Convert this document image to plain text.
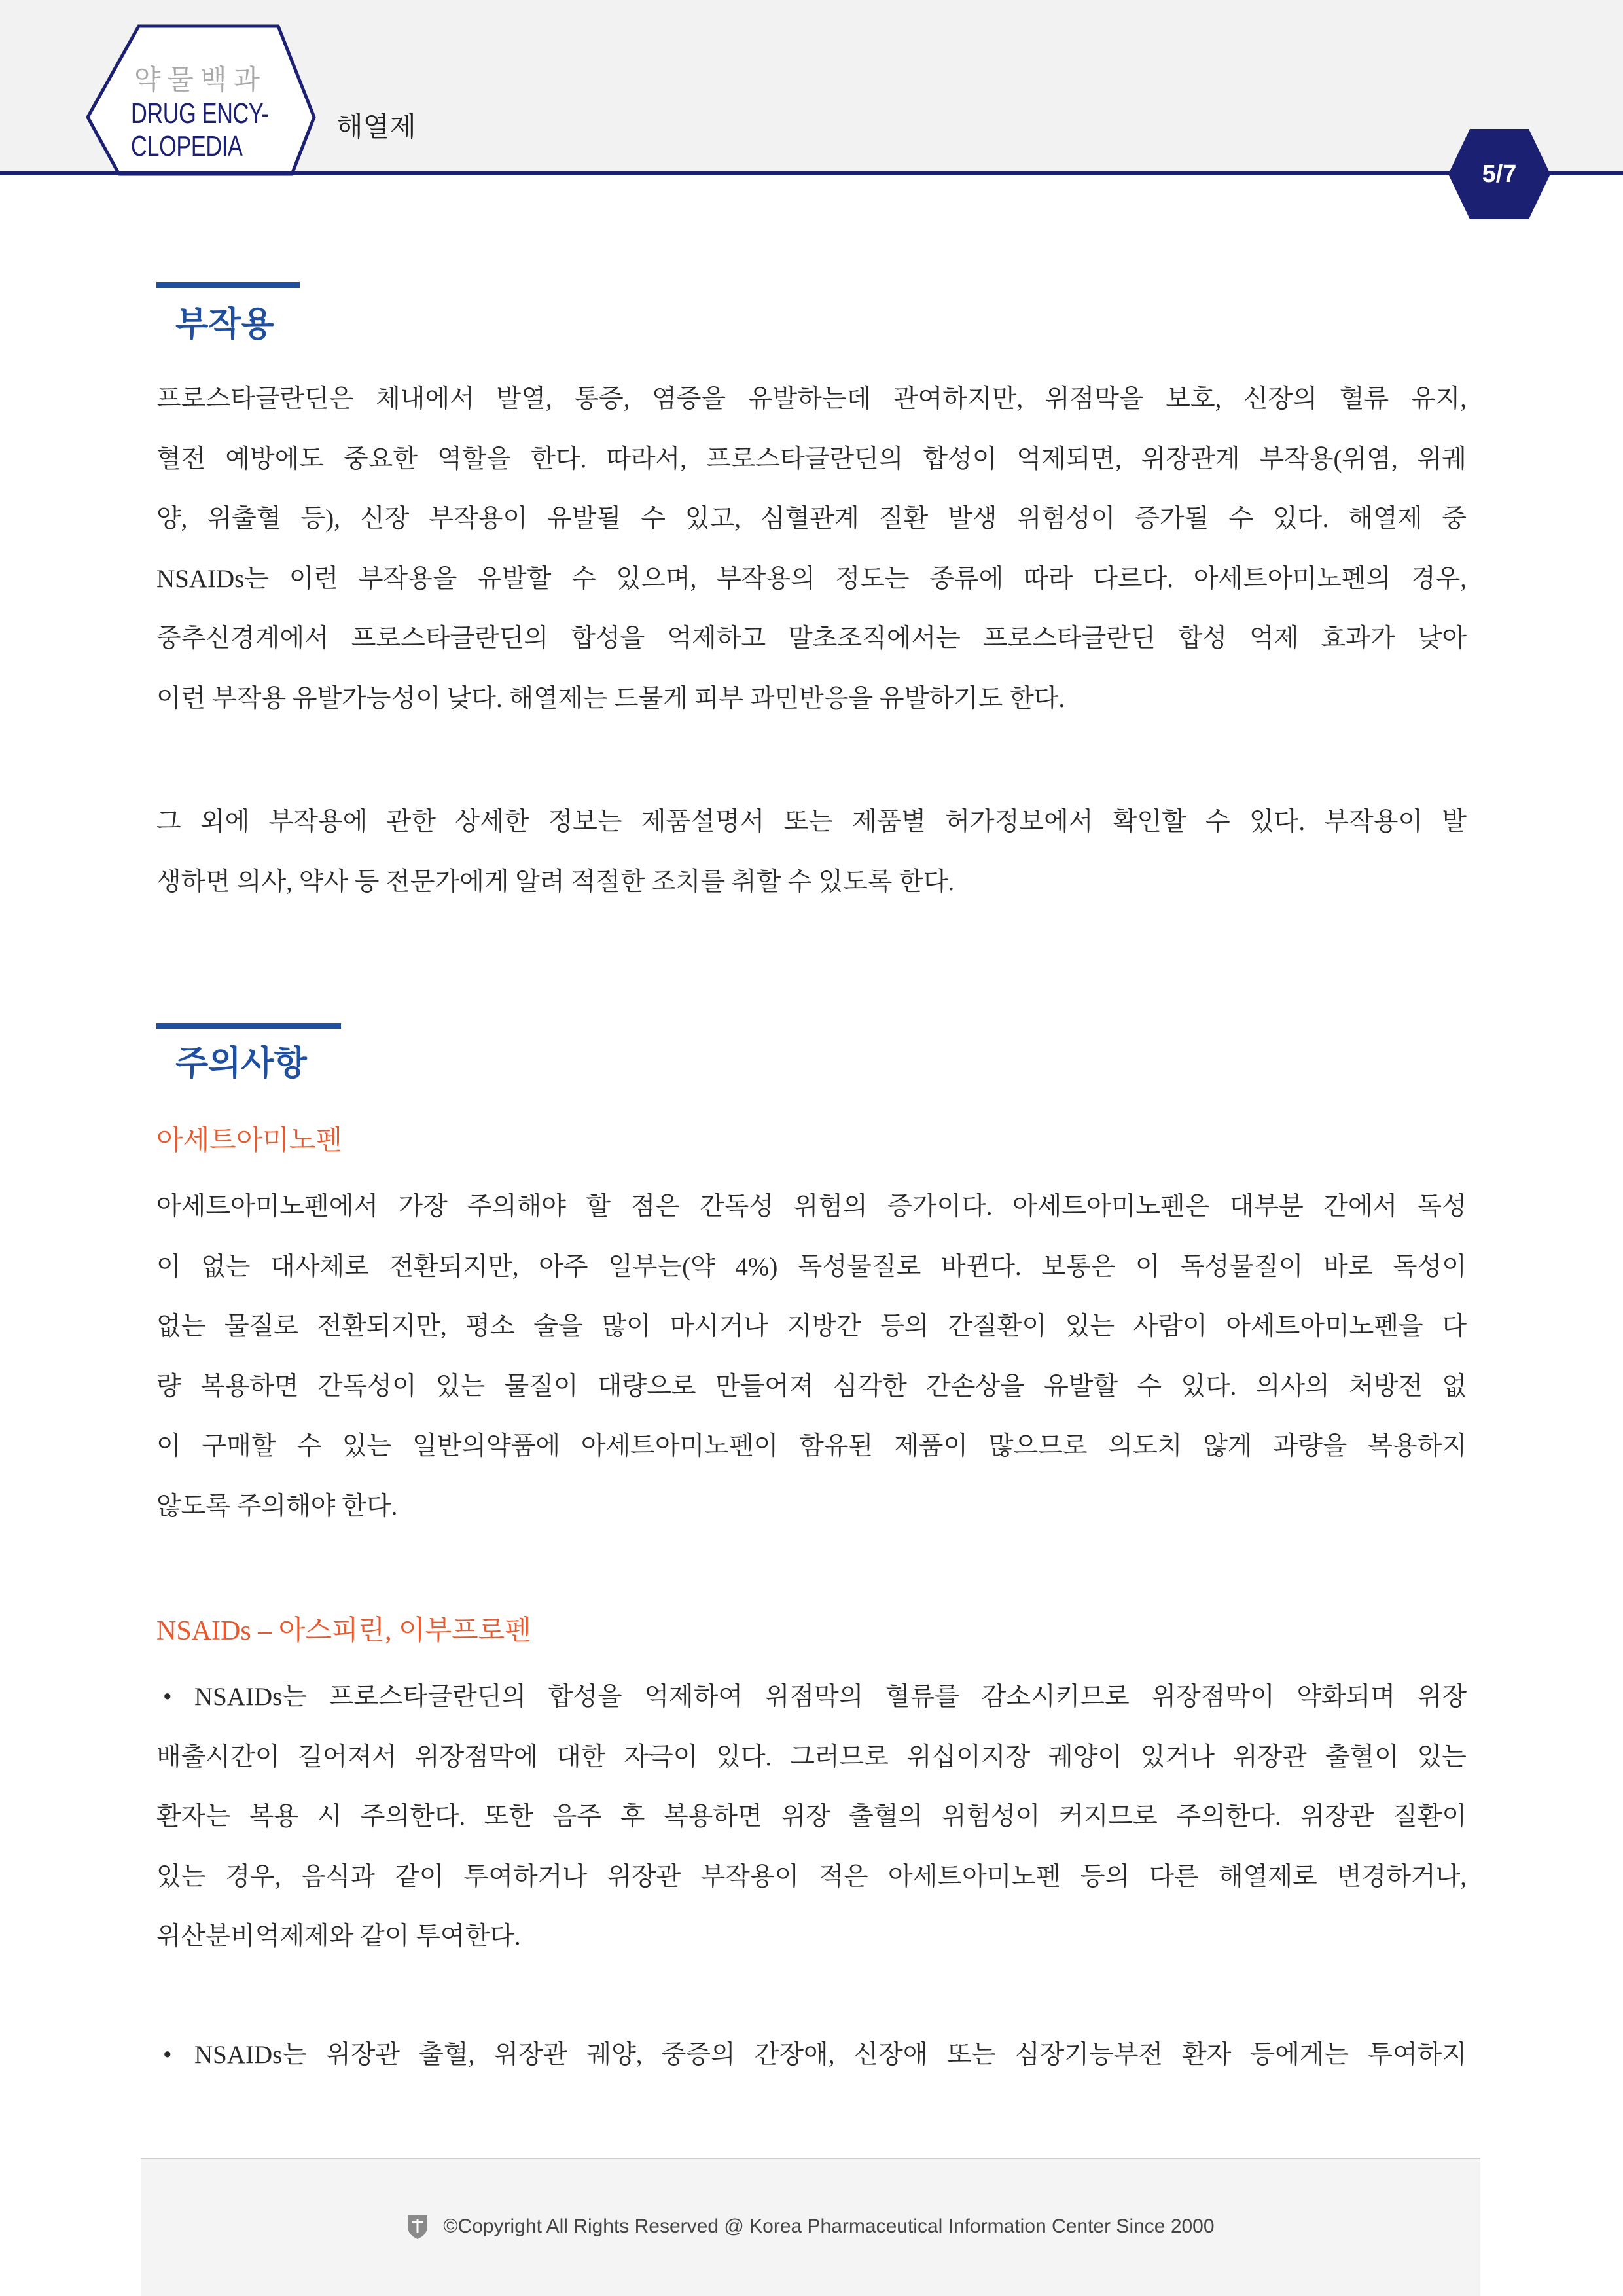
약물백과
DRUG ENCY-
CLOPEDIA
해열제
5/7
부작용
프로스타글란딘은 체내에서 발열, 통증, 염증을 유발하는데 관여하지만, 위점막을 보호, 신장의 혈류 유지,
혈전 예방에도 중요한 역할을 한다. 따라서, 프로스타글란딘의 합성이 억제되면, 위장관계 부작용(위염, 위궤
양, 위출혈 등), 신장 부작용이 유발될 수 있고, 심혈관계 질환 발생 위험성이 증가될 수 있다. 해열제 중
NSAIDs는 이런 부작용을 유발할 수 있으며, 부작용의 정도는 종류에 따라 다르다. 아세트아미노펜의 경우,
중추신경계에서 프로스타글란딘의 합성을 억제하고 말초조직에서는 프로스타글란딘 합성 억제 효과가 낮아
이런 부작용 유발가능성이 낮다. 해열제는 드물게 피부 과민반응을 유발하기도 한다.
그 외에 부작용에 관한 상세한 정보는 제품설명서 또는 제품별 허가정보에서 확인할 수 있다. 부작용이 발
생하면 의사, 약사 등 전문가에게 알려 적절한 조치를 취할 수 있도록 한다.
주의사항
아세트아미노펜
아세트아미노펜에서 가장 주의해야 할 점은 간독성 위험의 증가이다. 아세트아미노펜은 대부분 간에서 독성
이 없는 대사체로 전환되지만, 아주 일부는(약 4%) 독성물질로 바뀐다. 보통은 이 독성물질이 바로 독성이
없는 물질로 전환되지만, 평소 술을 많이 마시거나 지방간 등의 간질환이 있는 사람이 아세트아미노펜을 다
량 복용하면 간독성이 있는 물질이 대량으로 만들어져 심각한 간손상을 유발할 수 있다. 의사의 처방전 없
이 구매할 수 있는 일반의약품에 아세트아미노펜이 함유된 제품이 많으므로 의도치 않게 과량을 복용하지
않도록 주의해야 한다.
NSAIDs – 아스피린, 이부프로펜
• NSAIDs는 프로스타글란딘의 합성을 억제하여 위점막의 혈류를 감소시키므로 위장점막이 약화되며 위장
배출시간이 길어져서 위장점막에 대한 자극이 있다. 그러므로 위십이지장 궤양이 있거나 위장관 출혈이 있는
환자는 복용 시 주의한다. 또한 음주 후 복용하면 위장 출혈의 위험성이 커지므로 주의한다. 위장관 질환이
있는 경우, 음식과 같이 투여하거나 위장관 부작용이 적은 아세트아미노펜 등의 다른 해열제로 변경하거나,
위산분비억제제와 같이 투여한다.
• NSAIDs는 위장관 출혈, 위장관 궤양, 중증의 간장애, 신장애 또는 심장기능부전 환자 등에게는 투여하지
©Copyright All Rights Reserved @ Korea Pharmaceutical Information Center Since 2000
